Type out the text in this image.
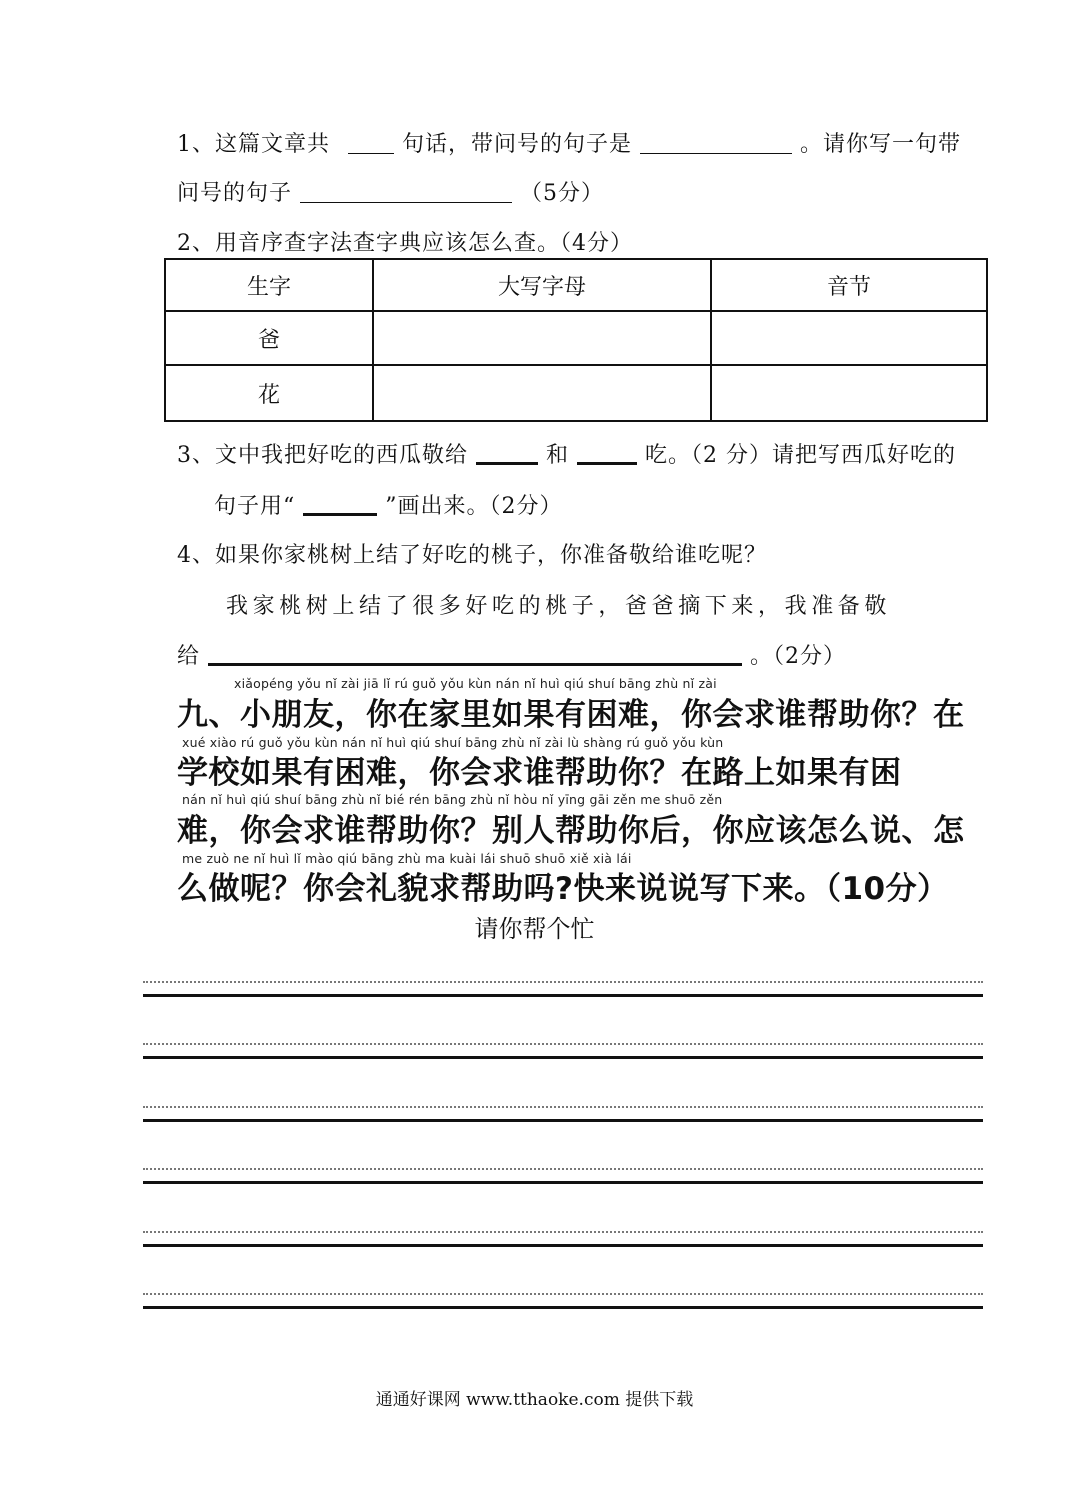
1、这篇文章共	句话，带问号的句子是	。请你写一句带
问号的句子	（5分）
2、用音序查字法查字典应该怎么查。（4分）
生字	大写字母	音节
爸		
花		
3、文中我把好吃的西瓜敬给	和	吃。（2 分）请把写西瓜好吃的
句子用“	”画出来。（2分）
4、如果你家桃树上结了好吃的桃子，你准备敬给谁吃呢？
我家桃树上结了很多好吃的桃子，爸爸摘下来，我准备敬
给	。（2分）
xiǎopéng yǒu nǐ zài jiā lǐ rú guǒ yǒu kùn nán nǐ huì qiú shuí bāng zhù nǐ zài
九、小朋友，你在家里如果有困难，你会求谁帮助你？在
xué xiào rú guǒ yǒu kùn nán nǐ huì qiú shuí bāng zhù nǐ zài lù shàng rú guǒ yǒu kùn
学校如果有困难，你会求谁帮助你？在路上如果有困
nán nǐ huì qiú shuí bāng zhù nǐ bié rén bāng zhù nǐ hòu nǐ yīng gāi zěn me shuō zěn
难，你会求谁帮助你？别人帮助你后，你应该怎么说、怎
me zuò ne nǐ huì lǐ mào qiú bāng zhù ma kuài lái shuō shuō xiě xià lái
么做呢？你会礼貌求帮助吗?快来说说写下来。（10分）
请你帮个忙
通通好课网 www.tthaoke.com 提供下载
